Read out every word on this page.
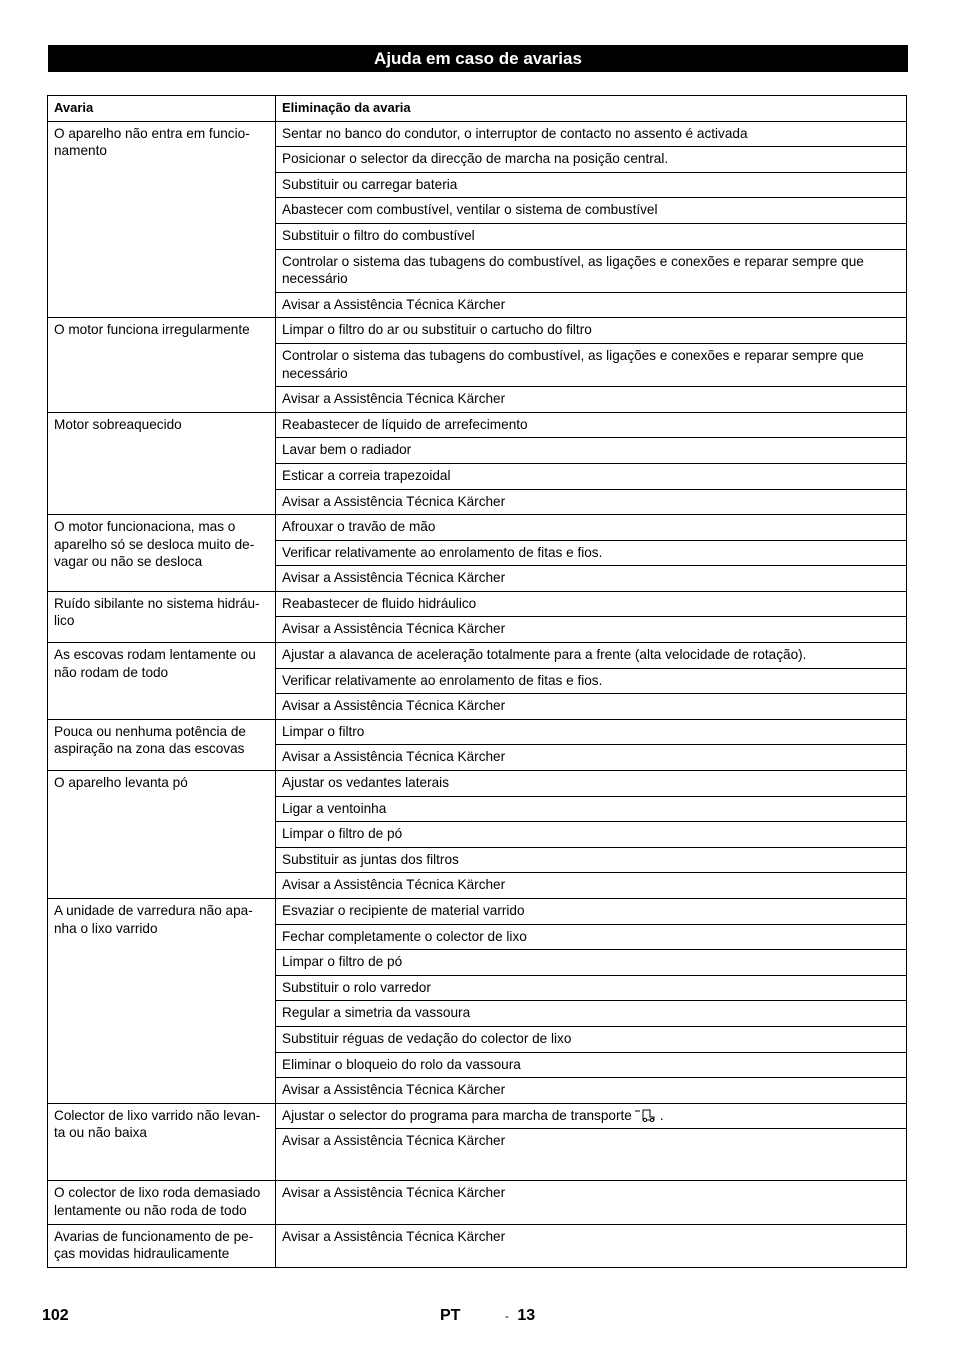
Ajuda em caso de avarias
Avaria	Eliminação da avaria
O aparelho não entra em funcio-namento	Sentar no banco do condutor, o interruptor de contacto no assento é activada
	Posicionar o selector da direcção de marcha na posição central.
	Substituir ou carregar bateria
	Abastecer com combustível, ventilar o sistema de combustível
	Substituir o filtro do combustível
	Controlar o sistema das tubagens do combustível, as ligações e conexões e reparar sempre que necessário
	Avisar a Assistência Técnica Kärcher
O motor funciona irregularmente	Limpar o filtro do ar ou substituir o cartucho do filtro
	Controlar o sistema das tubagens do combustível, as ligações e conexões e reparar sempre que necessário
	Avisar a Assistência Técnica Kärcher
Motor sobreaquecido	Reabastecer de líquido de arrefecimento
	Lavar bem o radiador
	Esticar a correia trapezoidal
	Avisar a Assistência Técnica Kärcher
O motor funcionaciona, mas o aparelho só se desloca muito de-vagar ou não se desloca	Afrouxar o travão de mão
	Verificar relativamente ao enrolamento de fitas e fios.
	Avisar a Assistência Técnica Kärcher
Ruído sibilante no sistema hidráu-lico	Reabastecer de fluido hidráulico
	Avisar a Assistência Técnica Kärcher
As escovas rodam lentamente ou não rodam de todo	Ajustar a alavanca de aceleração totalmente para a frente (alta velocidade de rotação).
	Verificar relativamente ao enrolamento de fitas e fios.
	Avisar a Assistência Técnica Kärcher
Pouca ou nenhuma potência de aspiração na zona das escovas	Limpar o filtro
	Avisar a Assistência Técnica Kärcher
O aparelho levanta pó	Ajustar os vedantes laterais
	Ligar a ventoinha
	Limpar o filtro de pó
	Substituir as juntas dos filtros
	Avisar a Assistência Técnica Kärcher
A unidade de varredura não apa-nha o lixo varrido	Esvaziar o recipiente de material varrido
	Fechar completamente o colector de lixo
	Limpar o filtro de pó
	Substituir o rolo varredor
	Regular a simetria da vassoura
	Substituir réguas de vedação do colector de lixo
	Eliminar o bloqueio do rolo da vassoura
	Avisar a Assistência Técnica Kärcher
Colector de lixo varrido não levan-ta ou não baixa	Ajustar o selector do programa para marcha de transporte .
	Avisar a Assistência Técnica Kärcher
O colector de lixo roda demasiado lentamente ou não roda de todo	Avisar a Assistência Técnica Kärcher
Avarias de funcionamento de pe-ças movidas hidraulicamente	Avisar a Assistência Técnica Kärcher
102	PT	- 13
